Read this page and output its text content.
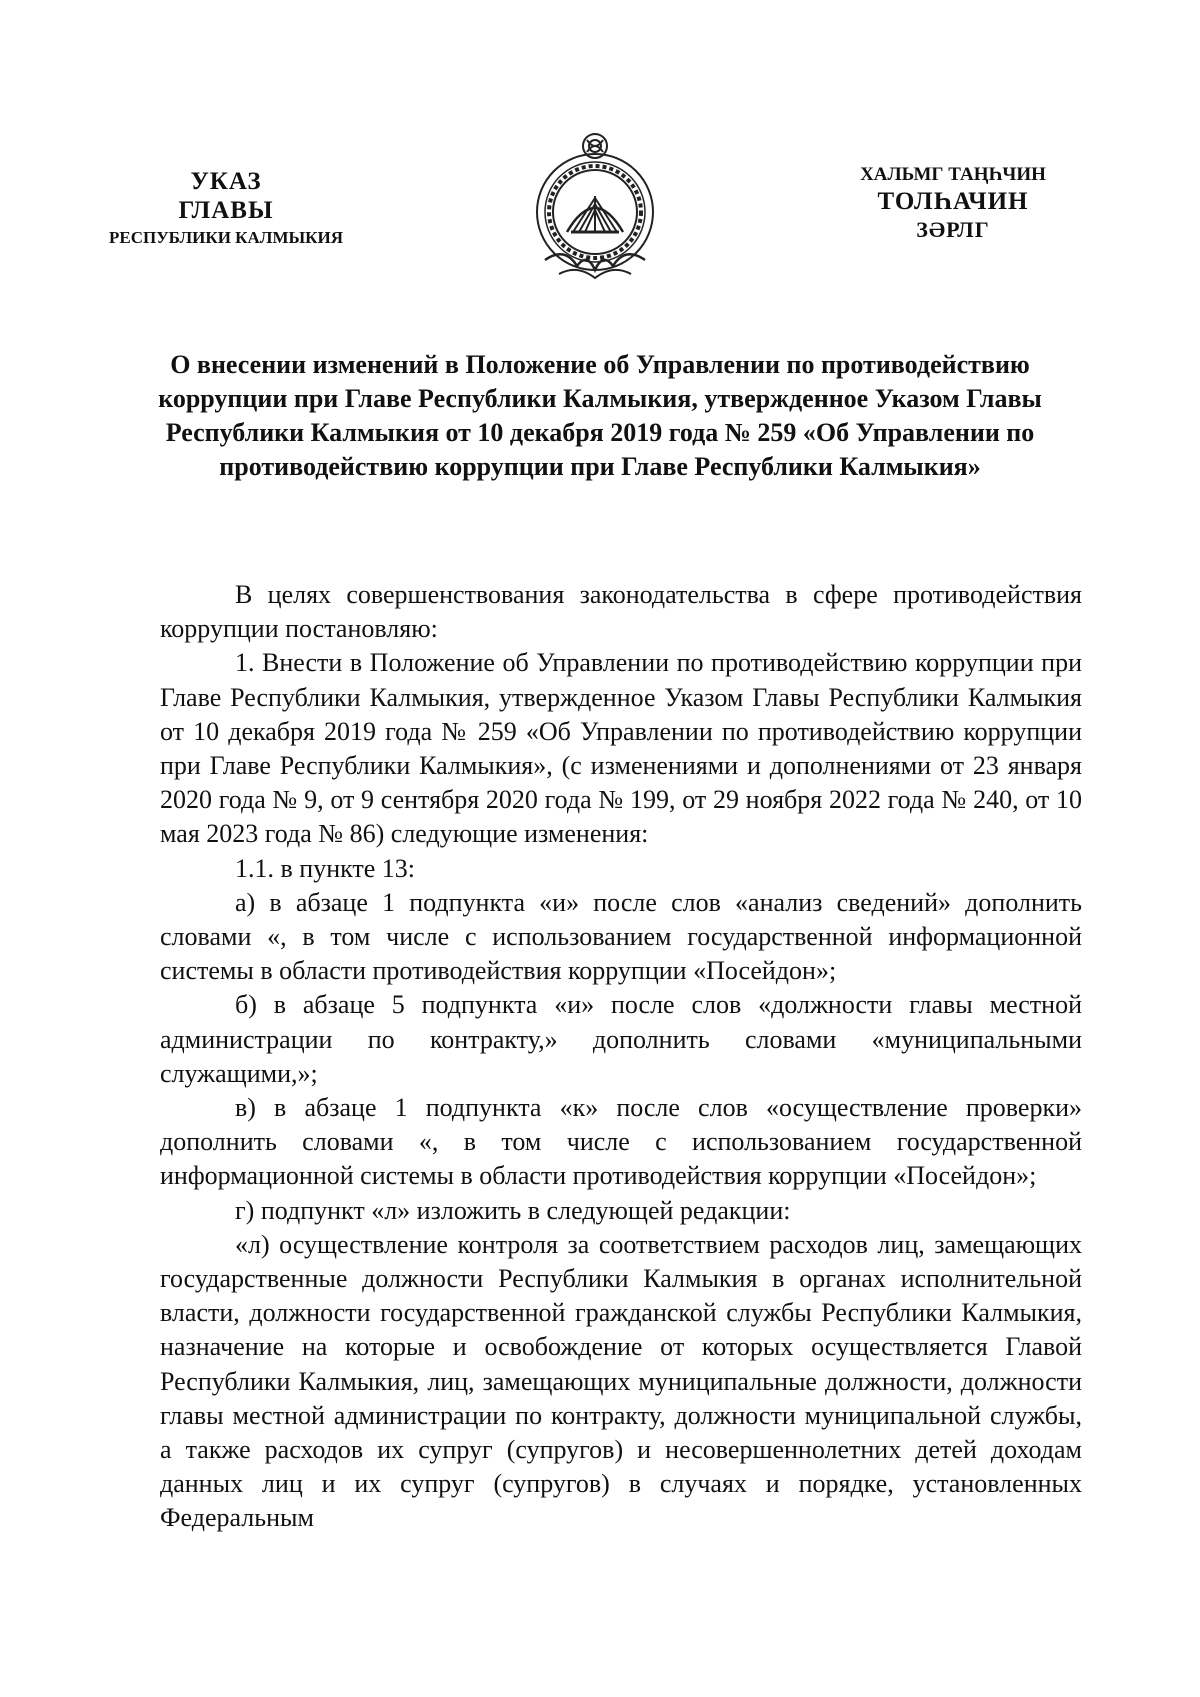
УКАЗ
ГЛАВЫ
РЕСПУБЛИКИ КАЛМЫКИЯ
ХАЛЬМГ ТАҢҺЧИН
ТОЛҺАЧИН
ЗӘРЛГ
О внесении изменений в Положение об Управлении по противодействию коррупции при Главе Республики Калмыкия, утвержденное Указом Главы Республики Калмыкия от 10 декабря 2019 года № 259 «Об Управлении по противодействию коррупции при Главе Республики Калмыкия»

В целях совершенствования законодательства в сфере противодействия коррупции постановляю:

1. Внести в Положение об Управлении по противодействию коррупции при Главе Республики Калмыкия, утвержденное Указом Главы Республики Калмыкия от 10 декабря 2019 года № 259 «Об Управлении по противодействию коррупции при Главе Республики Калмыкия», (с изменениями и дополнениями от 23 января 2020 года № 9, от 9 сентября 2020 года № 199, от 29 ноября 2022 года № 240, от 10 мая 2023 года № 86) следующие изменения:

1.1. в пункте 13:

а) в абзаце 1 подпункта «и» после слов «анализ сведений» дополнить словами «, в том числе с использованием государственной информационной системы в области противодействия коррупции «Посейдон»;

б) в абзаце 5 подпункта «и» после слов «должности главы местной администрации по контракту,» дополнить словами «муниципальными служащими,»;

в) в абзаце 1 подпункта «к» после слов «осуществление проверки» дополнить словами «, в том числе с использованием государственной информационной системы в области противодействия коррупции «Посейдон»;

г) подпункт «л» изложить в следующей редакции:

«л) осуществление контроля за соответствием расходов лиц, замещающих государственные должности Республики Калмыкия в органах исполнительной власти, должности государственной гражданской службы Республики Калмыкия, назначение на которые и освобождение от которых осуществляется Главой Республики Калмыкия, лиц, замещающих муниципальные должности, должности главы местной администрации по контракту, должности муниципальной службы, а также расходов их супруг (супругов) и несовершеннолетних детей доходам данных лиц и их супруг (супругов) в случаях и порядке, установленных Федеральным
